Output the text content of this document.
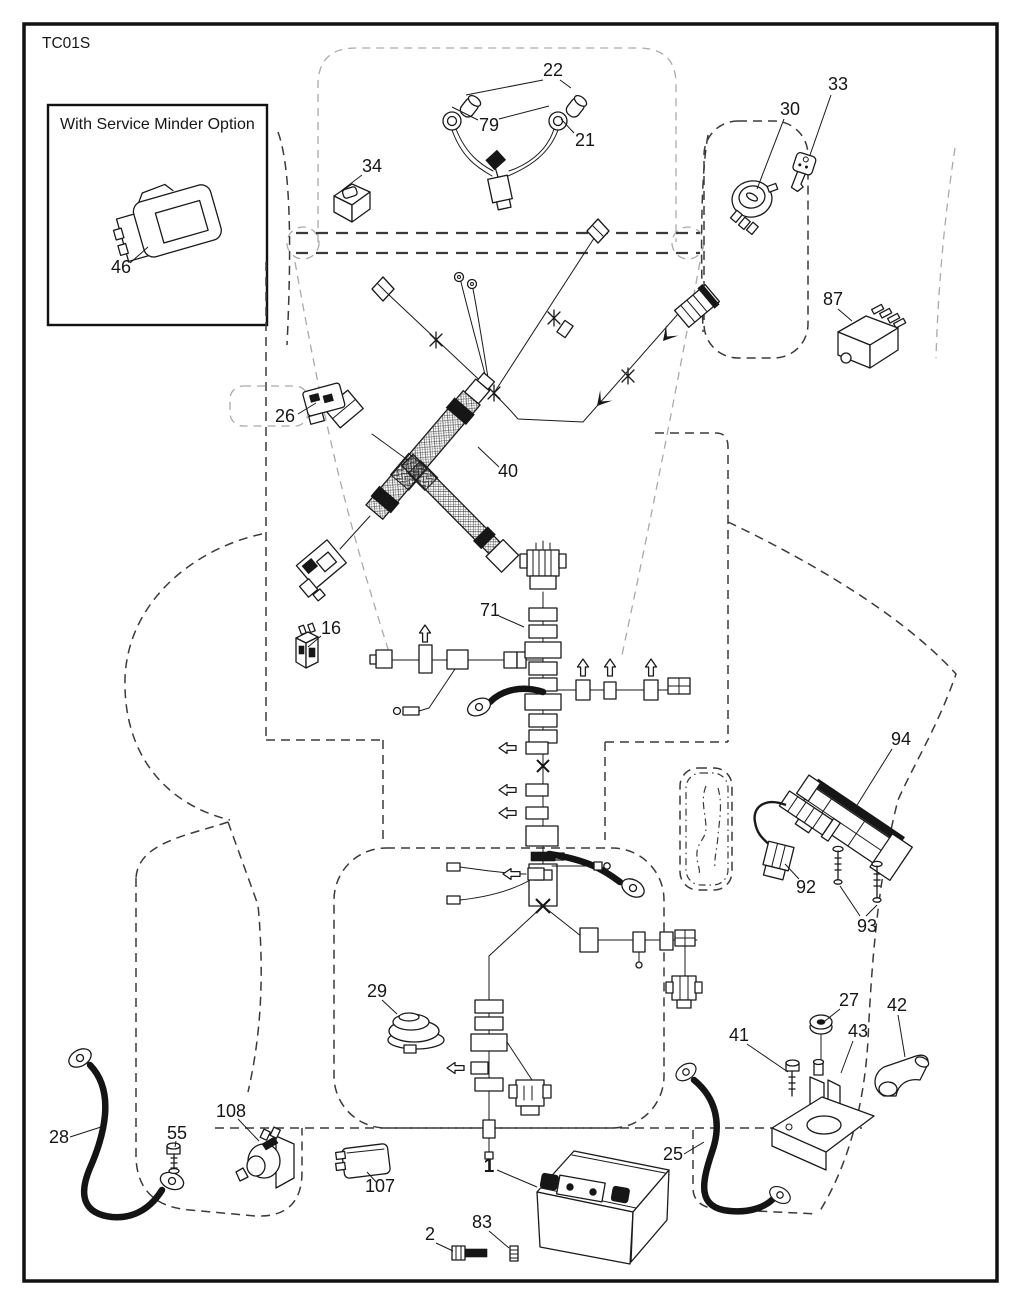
TC01S
With Service Minder Option
46
22
79
21
34
30
33
87
26
40
16
71
94
92
93
29
108
55
28
107
1
2
83
25
27 42
41	43
